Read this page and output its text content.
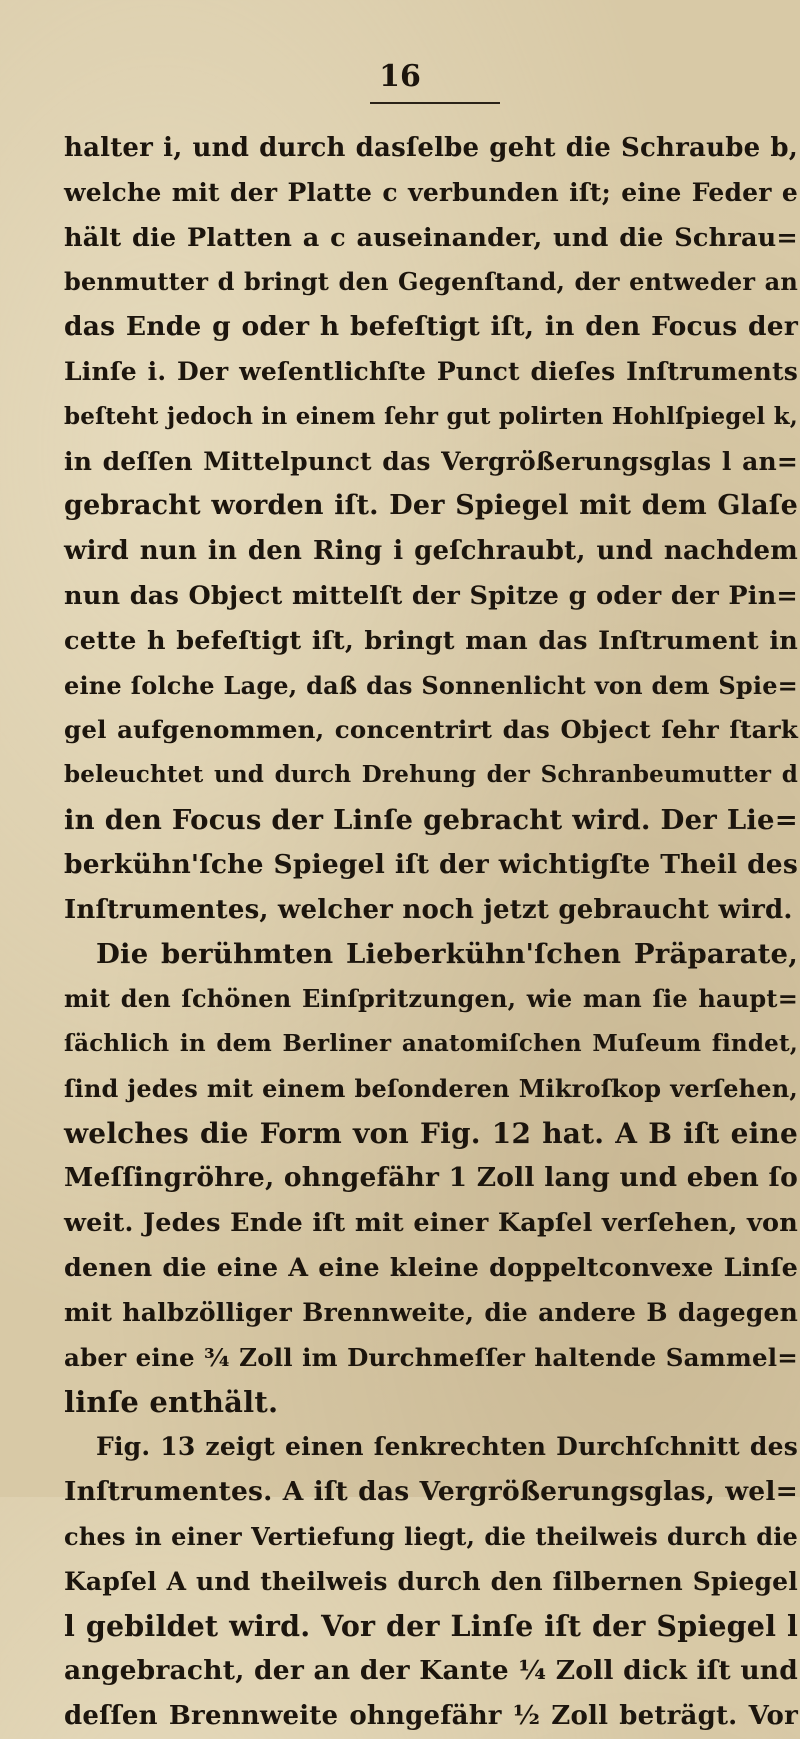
16
halter i, und durch dasſelbe geht die Schraube b,
welche mit der Platte c verbunden iſt; eine Feder e
hält die Platten a c auseinander, und die Schrau=
benmutter d bringt den Gegenſtand, der entweder an
das Ende g oder h befeſtigt iſt, in den Focus der
Linſe i. Der weſentlichſte Punct dieſes Inſtruments
beſteht jedoch in einem ſehr gut polirten Hohlſpiegel k,
in deſſen Mittelpunct das Vergrößerungsglas l an=
gebracht worden iſt. Der Spiegel mit dem Glaſe
wird nun in den Ring i geſchraubt, und nachdem
nun das Object mittelſt der Spitze g oder der Pin=
cette h befeſtigt iſt, bringt man das Inſtrument in
eine ſolche Lage, daß das Sonnenlicht von dem Spie=
gel aufgenommen, concentrirt das Object ſehr ſtark
beleuchtet und durch Drehung der Schranbeumutter d
in den Focus der Linſe gebracht wird. Der Lie=
berkühn'ſche Spiegel iſt der wichtigſte Theil des
Inſtrumentes, welcher noch jetzt gebraucht wird.
Die berühmten Lieberkühn'ſchen Präparate,
mit den ſchönen Einſpritzungen, wie man ſie haupt=
ſächlich in dem Berliner anatomiſchen Muſeum findet,
ſind jedes mit einem beſonderen Mikroſkop verſehen,
welches die Form von Fig. 12 hat. A B iſt eine
Meſſingröhre, ohngefähr 1 Zoll lang und eben ſo
weit. Jedes Ende iſt mit einer Kapſel verſehen, von
denen die eine A eine kleine doppeltconvexe Linſe
mit halbzölliger Brennweite, die andere B dagegen
aber eine ¾ Zoll im Durchmeſſer haltende Sammel=
linſe enthält.
Fig. 13 zeigt einen ſenkrechten Durchſchnitt des
Inſtrumentes. A iſt das Vergrößerungsglas, wel=
ches in einer Vertiefung liegt, die theilweis durch die
Kapſel A und theilweis durch den ſilbernen Spiegel
l gebildet wird. Vor der Linſe iſt der Spiegel l
angebracht, der an der Kante ¼ Zoll dick iſt und
deſſen Brennweite ohngefähr ½ Zoll beträgt. Vor
